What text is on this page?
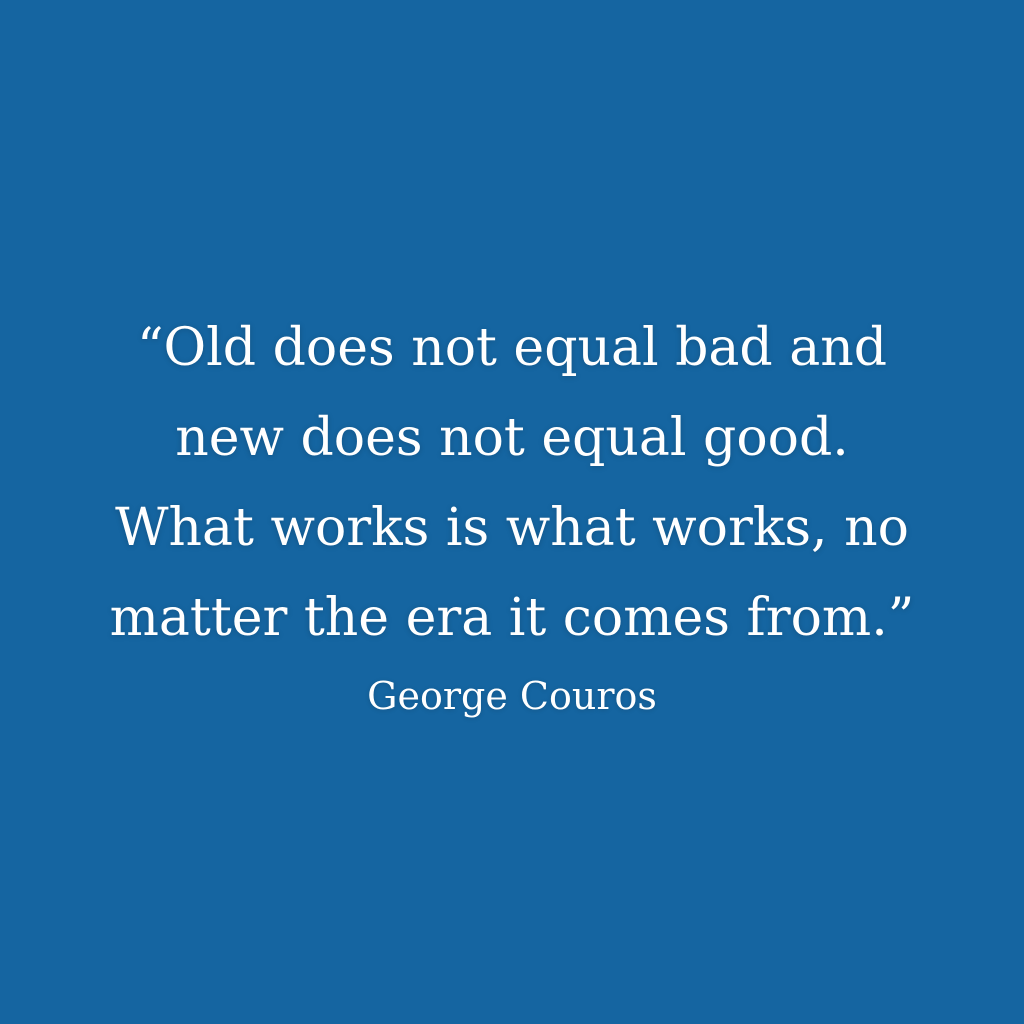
“Old does not equal bad and
new does not equal good.
What works is what works, no
matter the era it comes from.”
George Couros
